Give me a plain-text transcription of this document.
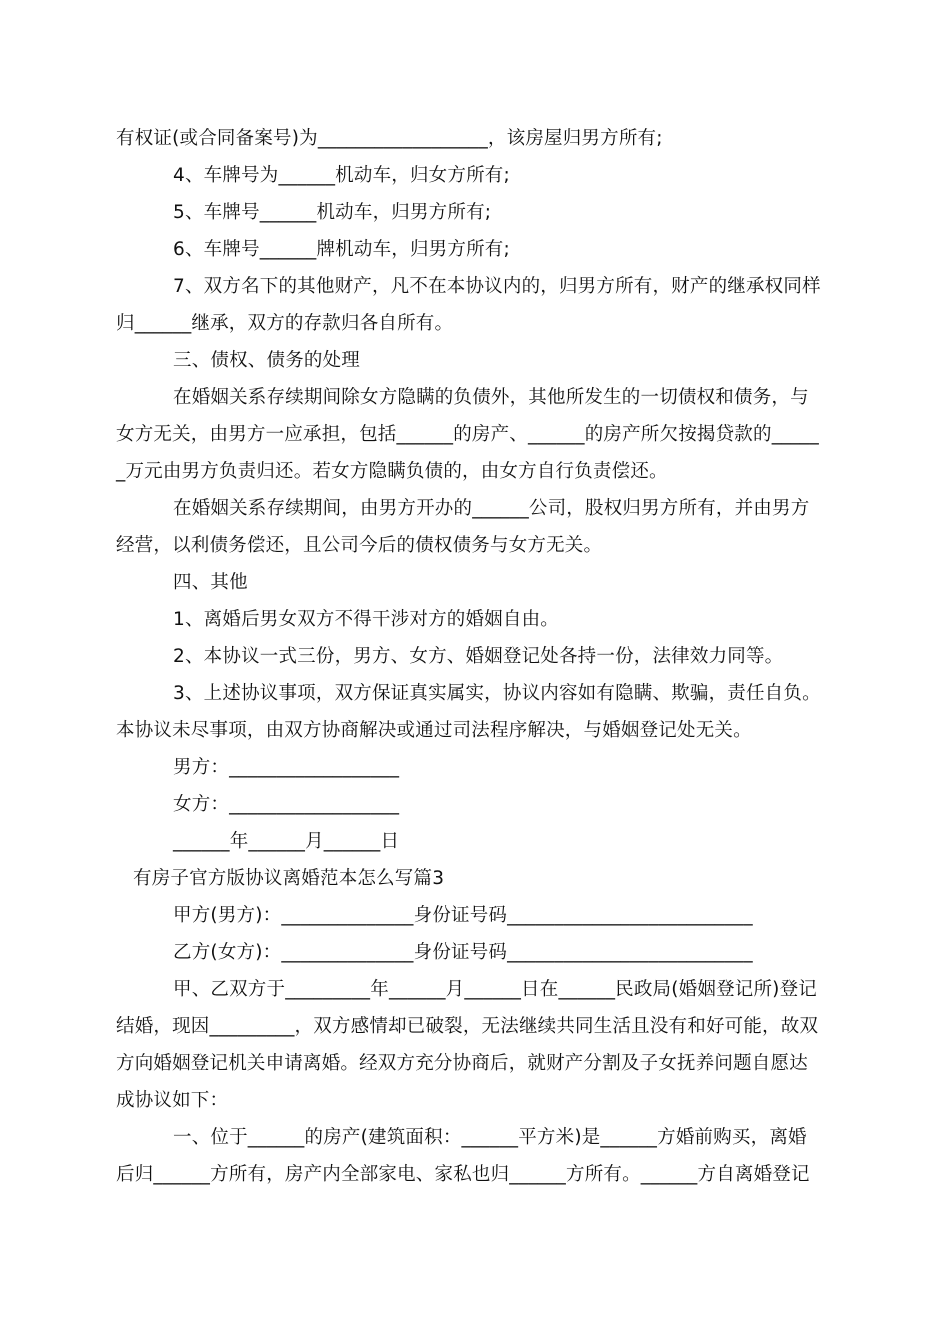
有权证(或合同备案号)为__________________，该房屋归男方所有;
4、车牌号为______机动车，归女方所有;
5、车牌号______机动车，归男方所有;
6、车牌号______牌机动车，归男方所有;
7、双方名下的其他财产，凡不在本协议内的，归男方所有，财产的继承权同样
归______继承，双方的存款归各自所有。
三、债权、债务的处理
在婚姻关系存续期间除女方隐瞒的负债外，其他所发生的一切债权和债务，与
女方无关，由男方一应承担，包括______的房产、______的房产所欠按揭贷款的_____
_万元由男方负责归还。若女方隐瞒负债的，由女方自行负责偿还。
在婚姻关系存续期间，由男方开办的______公司，股权归男方所有，并由男方
经营，以利债务偿还，且公司今后的债权债务与女方无关。
四、其他
1、离婚后男女双方不得干涉对方的婚姻自由。
2、本协议一式三份，男方、女方、婚姻登记处各持一份，法律效力同等。
3、上述协议事项，双方保证真实属实，协议内容如有隐瞒、欺骗，责任自负。
本协议未尽事项，由双方协商解决或通过司法程序解决，与婚姻登记处无关。
男方：__________________
女方：__________________
______年______月______日
有房子官方版协议离婚范本怎么写篇3
甲方(男方)：______________身份证号码__________________________
乙方(女方)：______________身份证号码__________________________
甲、乙双方于_________年______月______日在______民政局(婚姻登记所)登记
结婚，现因_________，双方感情却已破裂，无法继续共同生活且没有和好可能，故双
方向婚姻登记机关申请离婚。经双方充分协商后，就财产分割及子女抚养问题自愿达
成协议如下：
一、位于______的房产(建筑面积：______平方米)是______方婚前购买，离婚
后归______方所有，房产内全部家电、家私也归______方所有。______方自离婚登记
